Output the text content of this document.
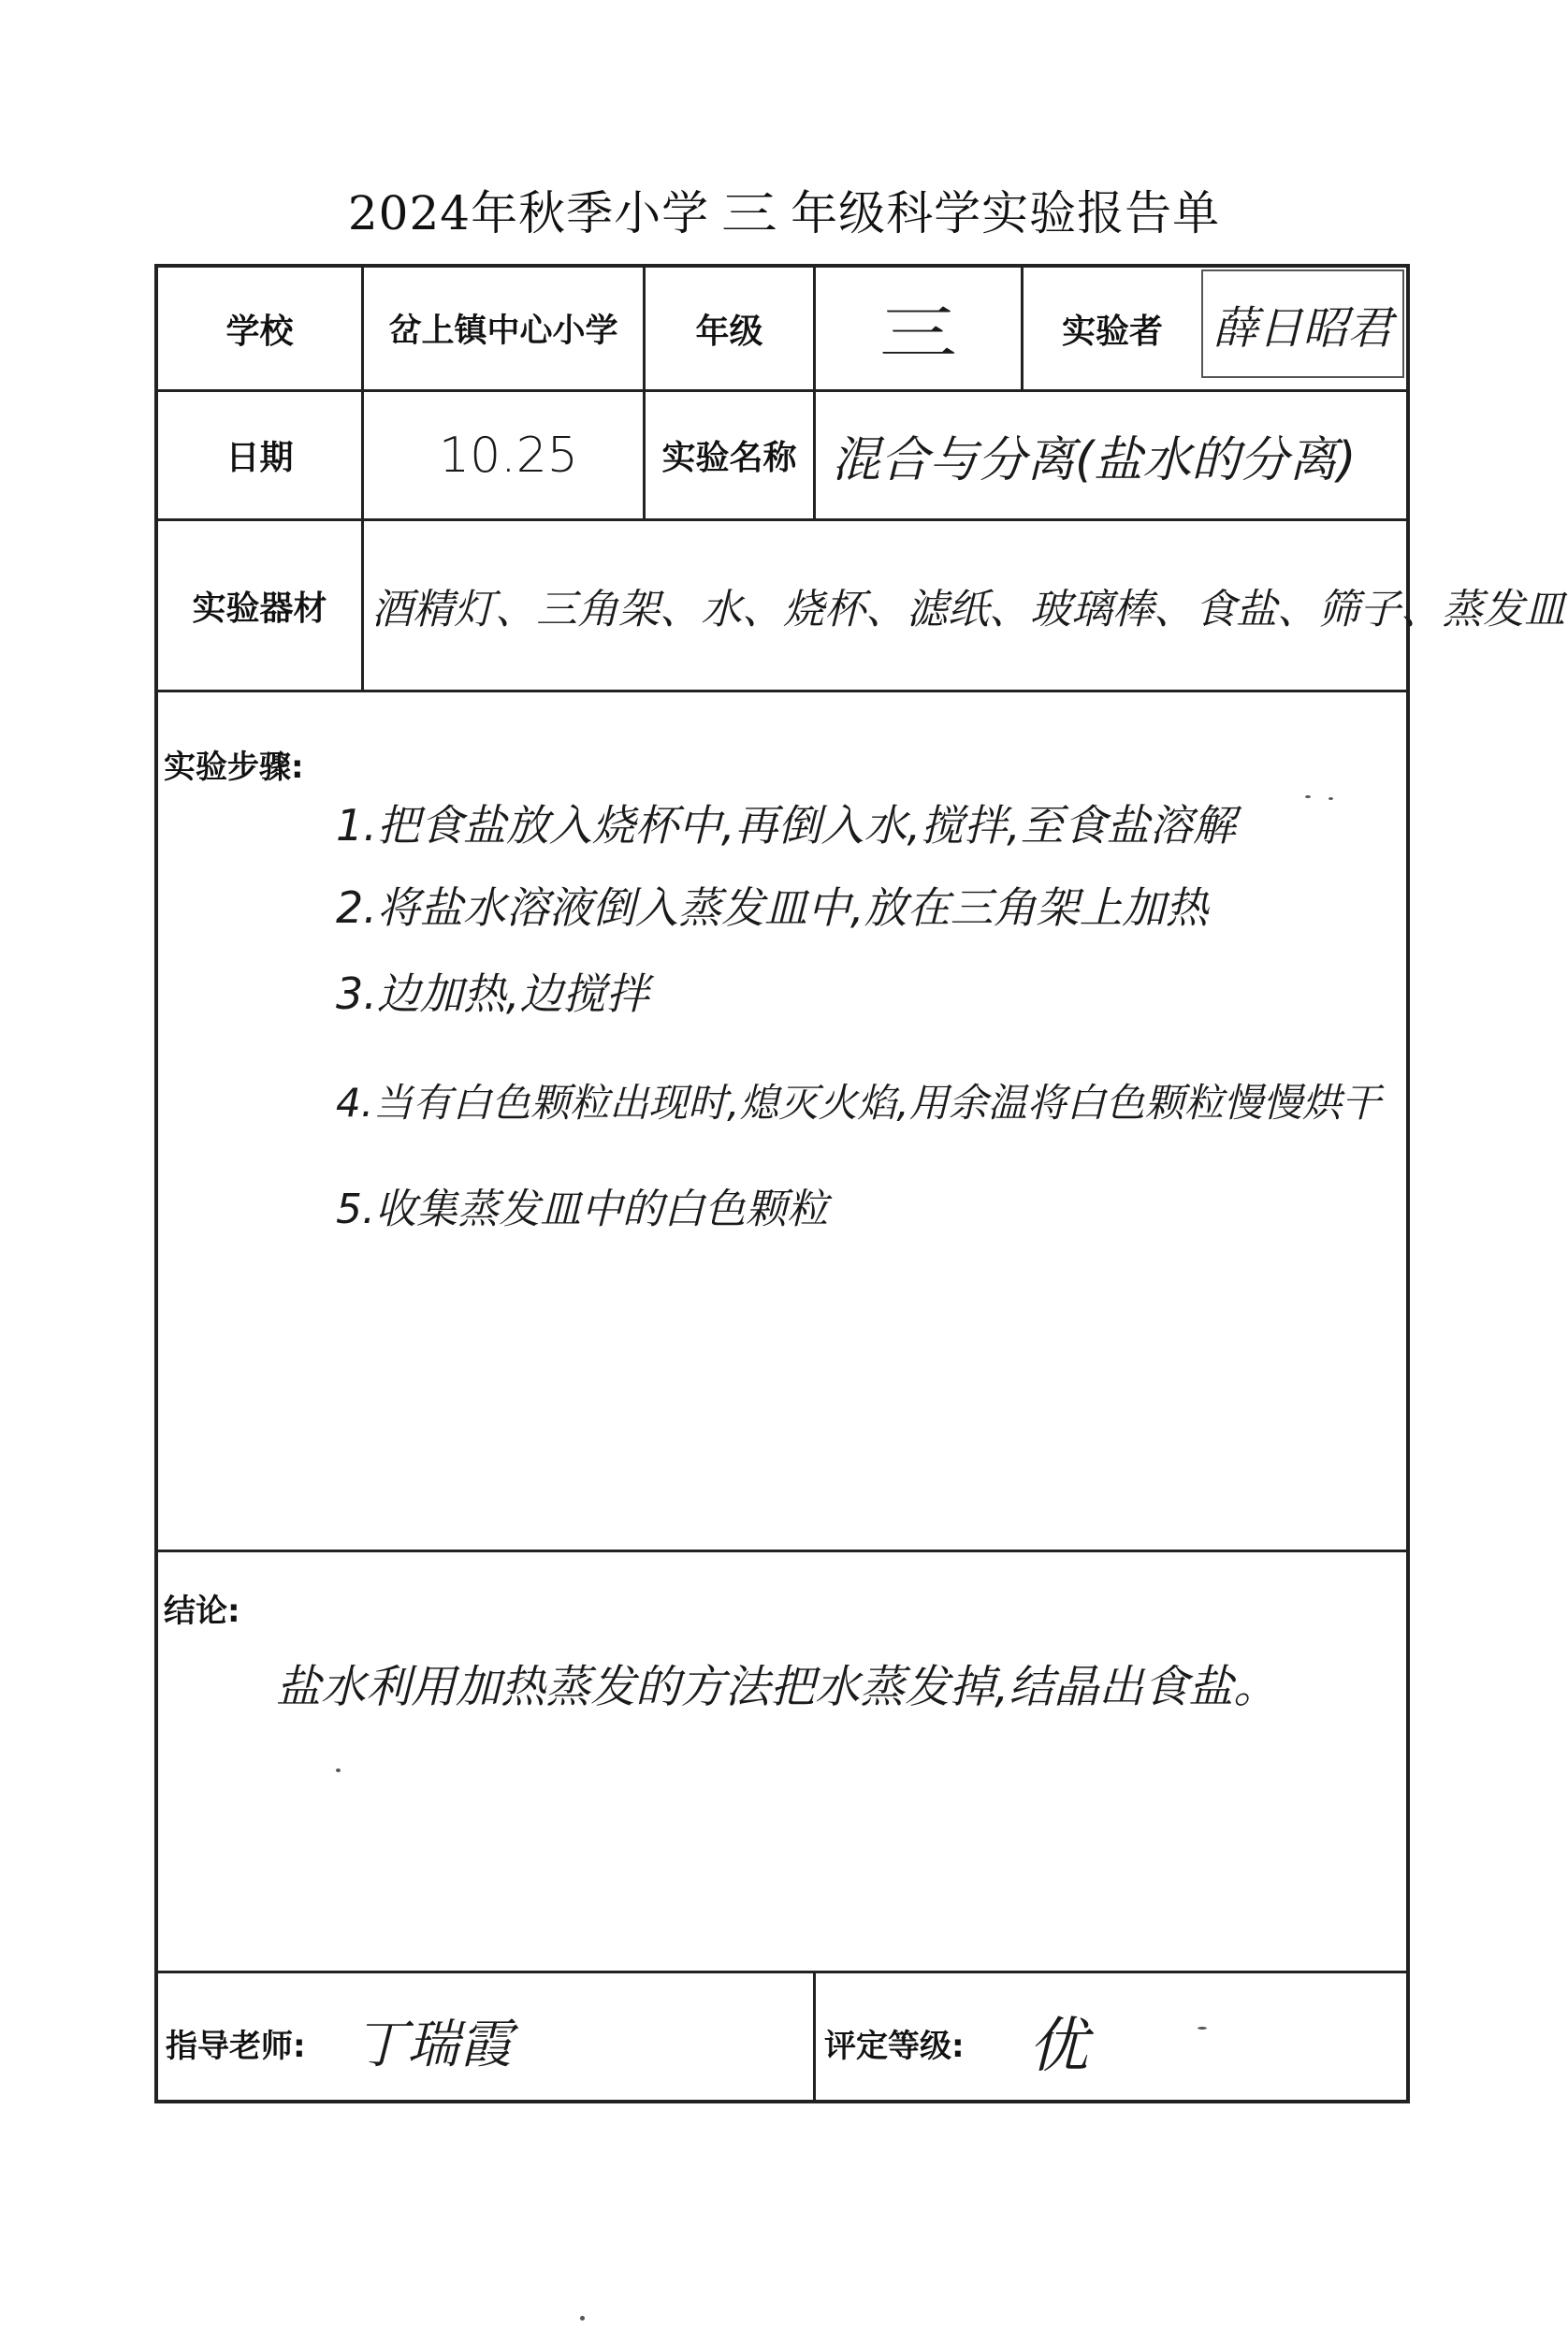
2024年秋季小学 三 年级科学实验报告单
学校	岔上镇中心小学	年级	三	实验者	薛日昭君
日期	10.25	实验名称 混合与分离(盐水的分离)
实验器材	酒精灯、三角架、水、烧杯、滤纸、玻璃棒、食盐、筛子、蒸发皿
实验步骤:
1.把食盐放入烧杯中,再倒入水,搅拌,至食盐溶解
2.将盐水溶液倒入蒸发皿中,放在三角架上加热
3.边加热,边搅拌
4.当有白色颗粒出现时,熄灭火焰,用余温将白色颗粒慢慢烘干
5.收集蒸发皿中的白色颗粒
结论:
盐水利用加热蒸发的方法把水蒸发掉,结晶出食盐。
指导老师: 丁瑞霞	评定等级: 优
